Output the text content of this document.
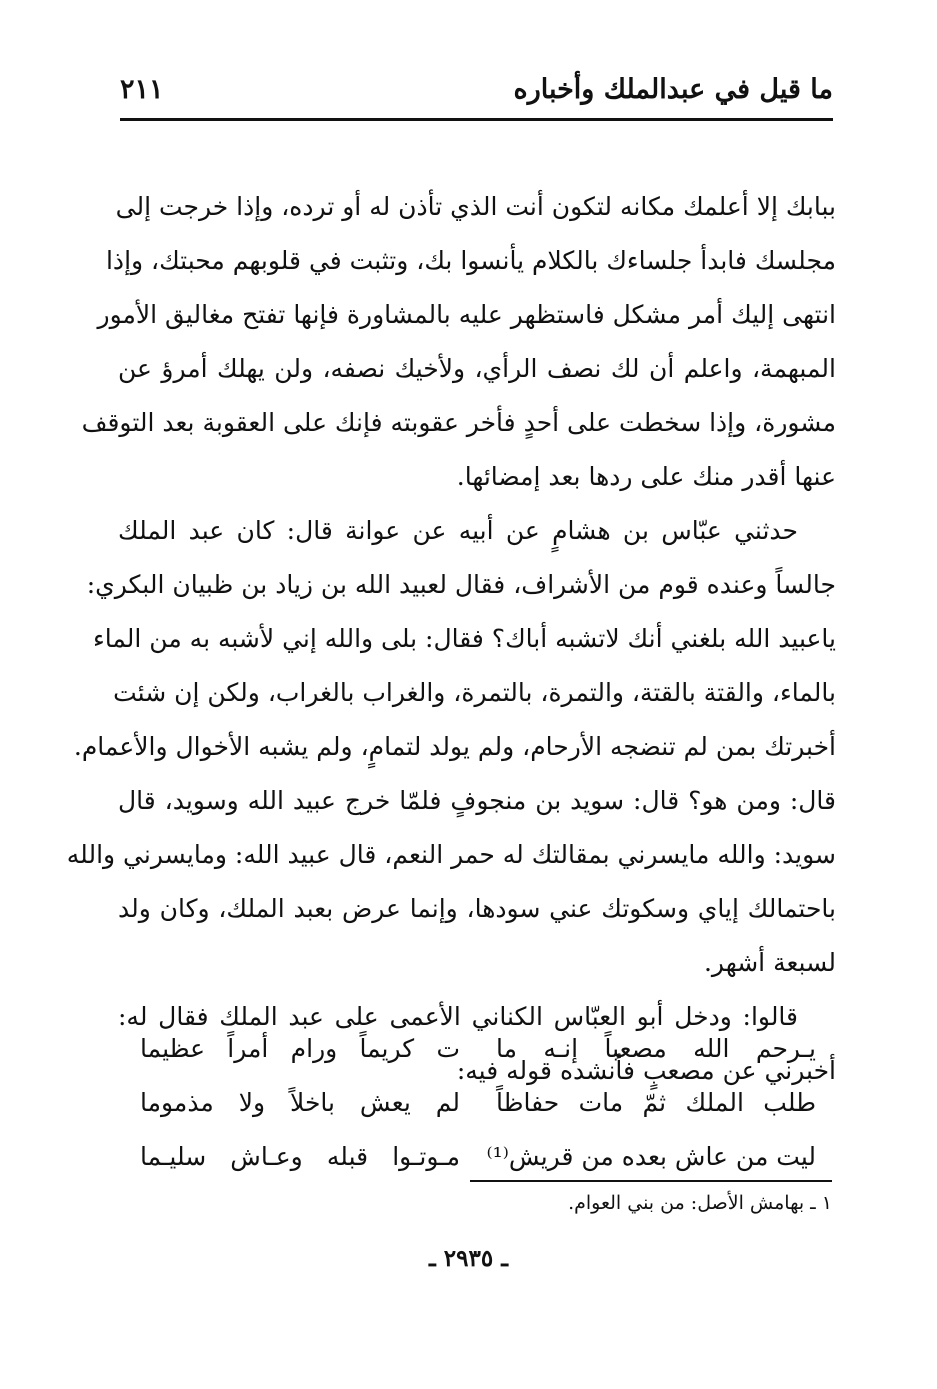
ما قيل في عبدالملك وأخباره
٢١١
ببابك إلا أعلمك مكانه لتكون أنت الذي تأذن له أو ترده، وإذا خرجت إلى
مجلسك فابدأ جلساءك بالكلام يأنسوا بك، وتثبت في قلوبهم محبتك، وإذا
انتهى إليك أمر مشكل فاستظهر عليه بالمشاورة فإنها تفتح مغاليق الأمور
المبهمة، واعلم أن لك نصف الرأي، ولأخيك نصفه، ولن يهلك أمرؤ عن
مشورة، وإذا سخطت على أحدٍ فأخر عقوبته فإنك على العقوبة بعد التوقف
عنها أقدر منك على ردها بعد إمضائها.
حدثني عبّاس بن هشامٍ عن أبيه عن عوانة قال: كان عبد الملك
جالساً وعنده قوم من الأشراف، فقال لعبيد الله بن زياد بن ظبيان البكري:
ياعبيد الله بلغني أنك لاتشبه أباك؟ فقال: بلى والله إني لأشبه به من الماء
بالماء، والقتة بالقتة، والتمرة، بالتمرة، والغراب بالغراب، ولكن إن شئت
أخبرتك بمن لم تنضجه الأرحام، ولم يولد لتمامٍ، ولم يشبه الأخوال والأعمام.
قال: ومن هو؟ قال: سويد بن منجوفٍ فلمّا خرج عبيد الله وسويد، قال
سويد: والله مايسرني بمقالتك له حمر النعم، قال عبيد الله: ومايسرني والله
باحتمالك إياي وسكوتك عني سودها، وإنما عرض بعبد الملك، وكان ولد
لسبعة أشهر.
قالوا: ودخل أبو العبّاس الكناني الأعمى على عبد الملك فقال له:
أخبرني عن مصعبٍ فأنشده قوله فيه:
يـرحم الله مصعباً إنـه ما
ت كريماً ورام أمراً عظيما
طلب الملك ثمّ مات حفاظاً
لم يعش باخلاً ولا مذموما
ليت من عاش بعده من قريش⁽¹⁾
مـوتـوا قبله وعـاش سليـما
١ ـ بهامش الأصل: من بني العوام.
ـ ٢٩٣٥ ـ
